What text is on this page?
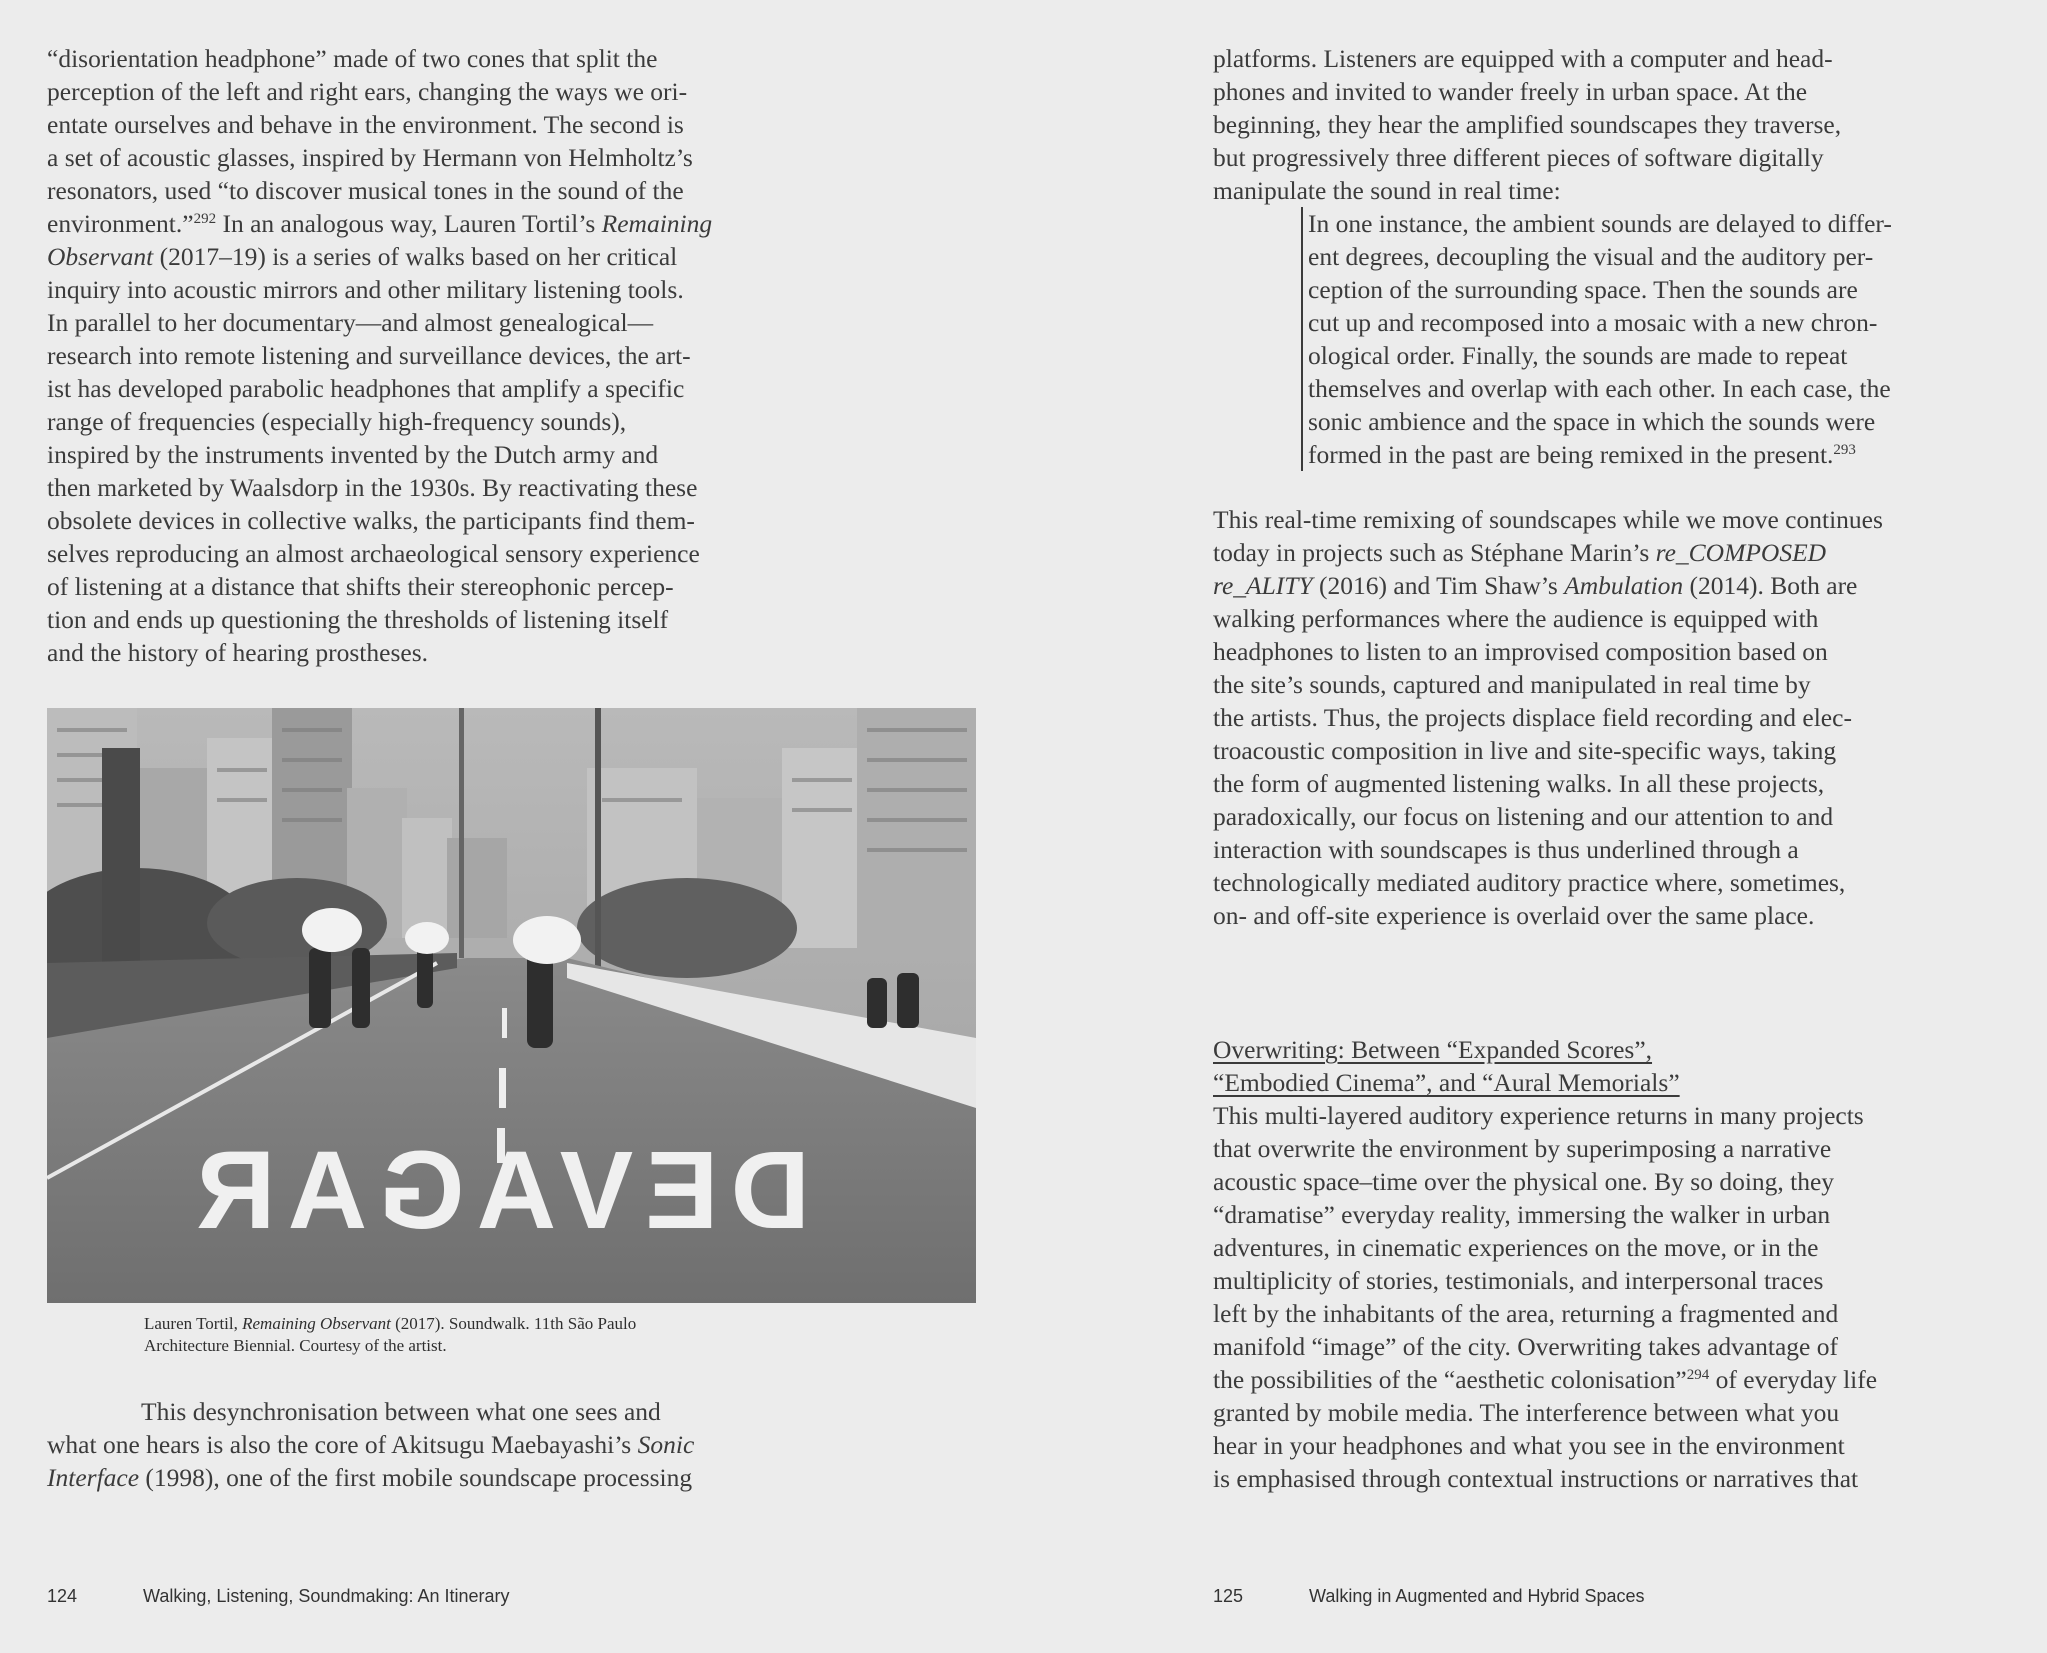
“disorientation headphone” made of two cones that split the
perception of the left and right ears, changing the ways we ori-
entate ourselves and behave in the environment. The second is
a set of acoustic glasses, inspired by Hermann von Helmholtz’s
resonators, used “to discover musical tones in the sound of the
environment.”$^{292}$ In an analogous way, Lauren Tortil’s Remaining
Observant (2017–19) is a series of walks based on her critical
inquiry into acoustic mirrors and other military listening tools.
In parallel to her documentary—and almost genealogical—
research into remote listening and surveillance devices, the art-
ist has developed parabolic headphones that amplify a specific
range of frequencies (especially high-frequency sounds),
inspired by the instruments invented by the Dutch army and
then marketed by Waalsdorp in the 1930s. By reactivating these
obsolete devices in collective walks, the participants find them-
selves reproducing an almost archaeological sensory experience
of listening at a distance that shifts their stereophonic percep-
tion and ends up questioning the thresholds of listening itself
and the history of hearing prostheses.
DEVAGAR
Lauren Tortil, Remaining Observant (2017). Soundwalk. 11th São Paulo
Architecture Biennial. Courtesy of the artist.
This desynchronisation between what one sees and
what one hears is also the core of Akitsugu Maebayashi’s Sonic
Interface (1998), one of the first mobile soundscape processing
124	Walking, Listening, Soundmaking: An Itinerary
platforms. Listeners are equipped with a computer and head-
phones and invited to wander freely in urban space. At the
beginning, they hear the amplified soundscapes they traverse,
but progressively three different pieces of software digitally
manipulate the sound in real time:
In one instance, the ambient sounds are delayed to differ-
ent degrees, decoupling the visual and the auditory per-
ception of the surrounding space. Then the sounds are
cut up and recomposed into a mosaic with a new chron-
ological order. Finally, the sounds are made to repeat
themselves and overlap with each other. In each case, the
sonic ambience and the space in which the sounds were
formed in the past are being remixed in the present.$^{293}$
This real-time remixing of soundscapes while we move continues
today in projects such as Stéphane Marin’s re_COMPOSED
re_ALITY (2016) and Tim Shaw’s Ambulation (2014). Both are
walking performances where the audience is equipped with
headphones to listen to an improvised composition based on
the site’s sounds, captured and manipulated in real time by
the artists. Thus, the projects displace field recording and elec-
troacoustic composition in live and site-specific ways, taking
the form of augmented listening walks. In all these projects,
paradoxically, our focus on listening and our attention to and
interaction with soundscapes is thus underlined through a
technologically mediated auditory practice where, sometimes,
on- and off-site experience is overlaid over the same place.
Overwriting: Between “Expanded Scores”,
“Embodied Cinema”, and “Aural Memorials”
This multi-layered auditory experience returns in many projects
that overwrite the environment by superimposing a narrative
acoustic space–time over the physical one. By so doing, they
“dramatise” everyday reality, immersing the walker in urban
adventures, in cinematic experiences on the move, or in the
multiplicity of stories, testimonials, and interpersonal traces
left by the inhabitants of the area, returning a fragmented and
manifold “image” of the city. Overwriting takes advantage of
the possibilities of the “aesthetic colonisation”$^{294}$ of everyday life
granted by mobile media. The interference between what you
hear in your headphones and what you see in the environment
is emphasised through contextual instructions or narratives that
125	Walking in Augmented and Hybrid Spaces
